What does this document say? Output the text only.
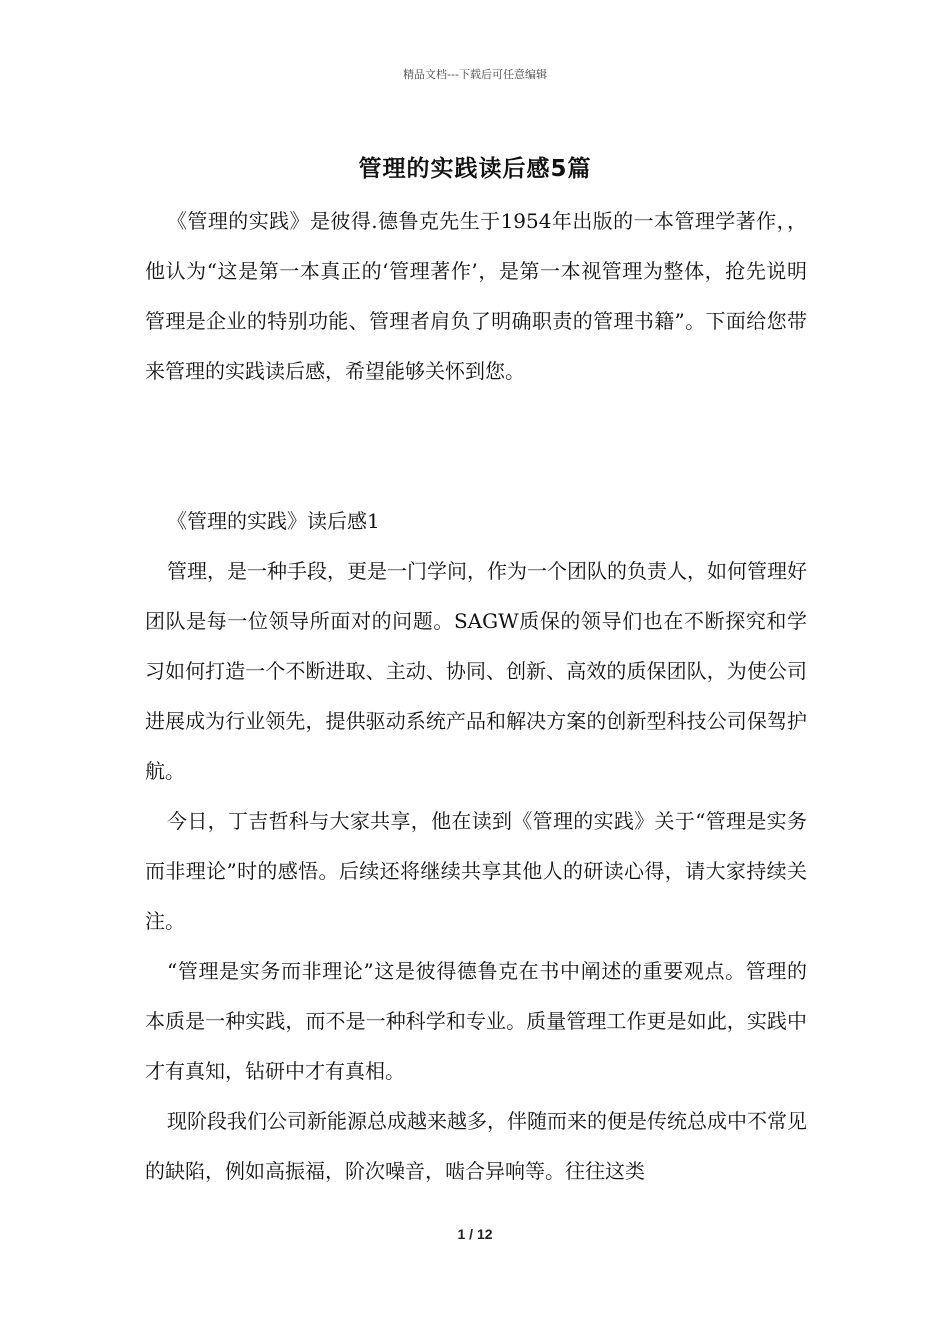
精品文档---下载后可任意编辑
管理的实践读后感5篇

《管理的实践》是彼得.德鲁克先生于1954年出版的一本管理学著作，，他认为“这是第一本真正的‘管理著作’，是第一本视管理为整体，抢先说明管理是企业的特别功能、管理者肩负了明确职责的管理书籍”。下面给您带来管理的实践读后感，希望能够关怀到您。

《管理的实践》读后感1

管理，是一种手段，更是一门学问，作为一个团队的负责人，如何管理好团队是每一位领导所面对的问题。SAGW质保的领导们也在不断探究和学习如何打造一个不断进取、主动、协同、创新、高效的质保团队，为使公司进展成为行业领先，提供驱动系统产品和解决方案的创新型科技公司保驾护航。

今日，丁吉哲科与大家共享，他在读到《管理的实践》关于“管理是实务而非理论”时的感悟。后续还将继续共享其他人的研读心得，请大家持续关注。

“管理是实务而非理论”这是彼得德鲁克在书中阐述的重要观点。管理的本质是一种实践，而不是一种科学和专业。质量管理工作更是如此，实践中才有真知，钻研中才有真相。

现阶段我们公司新能源总成越来越多，伴随而来的便是传统总成中不常见的缺陷，例如高振福，阶次噪音，啮合异响等。往往这类

1 / 12
